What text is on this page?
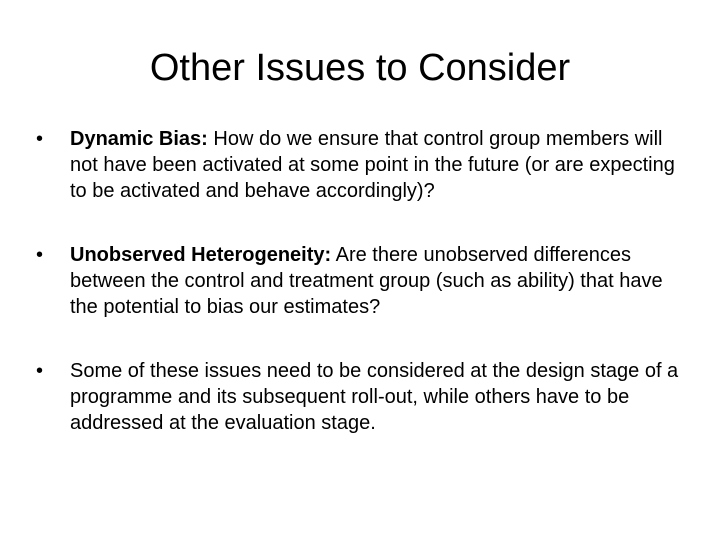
Other Issues to Consider
•	Dynamic Bias: How do we ensure that control group members will not have been activated at some point in the future (or are expecting to be activated and behave accordingly)?
•	Unobserved Heterogeneity: Are there unobserved differences between the control and treatment group (such as ability) that have the potential to bias our estimates?
•	Some of these issues need to be considered at the design stage of a programme and its subsequent roll-out, while others have to be addressed at the evaluation stage.
